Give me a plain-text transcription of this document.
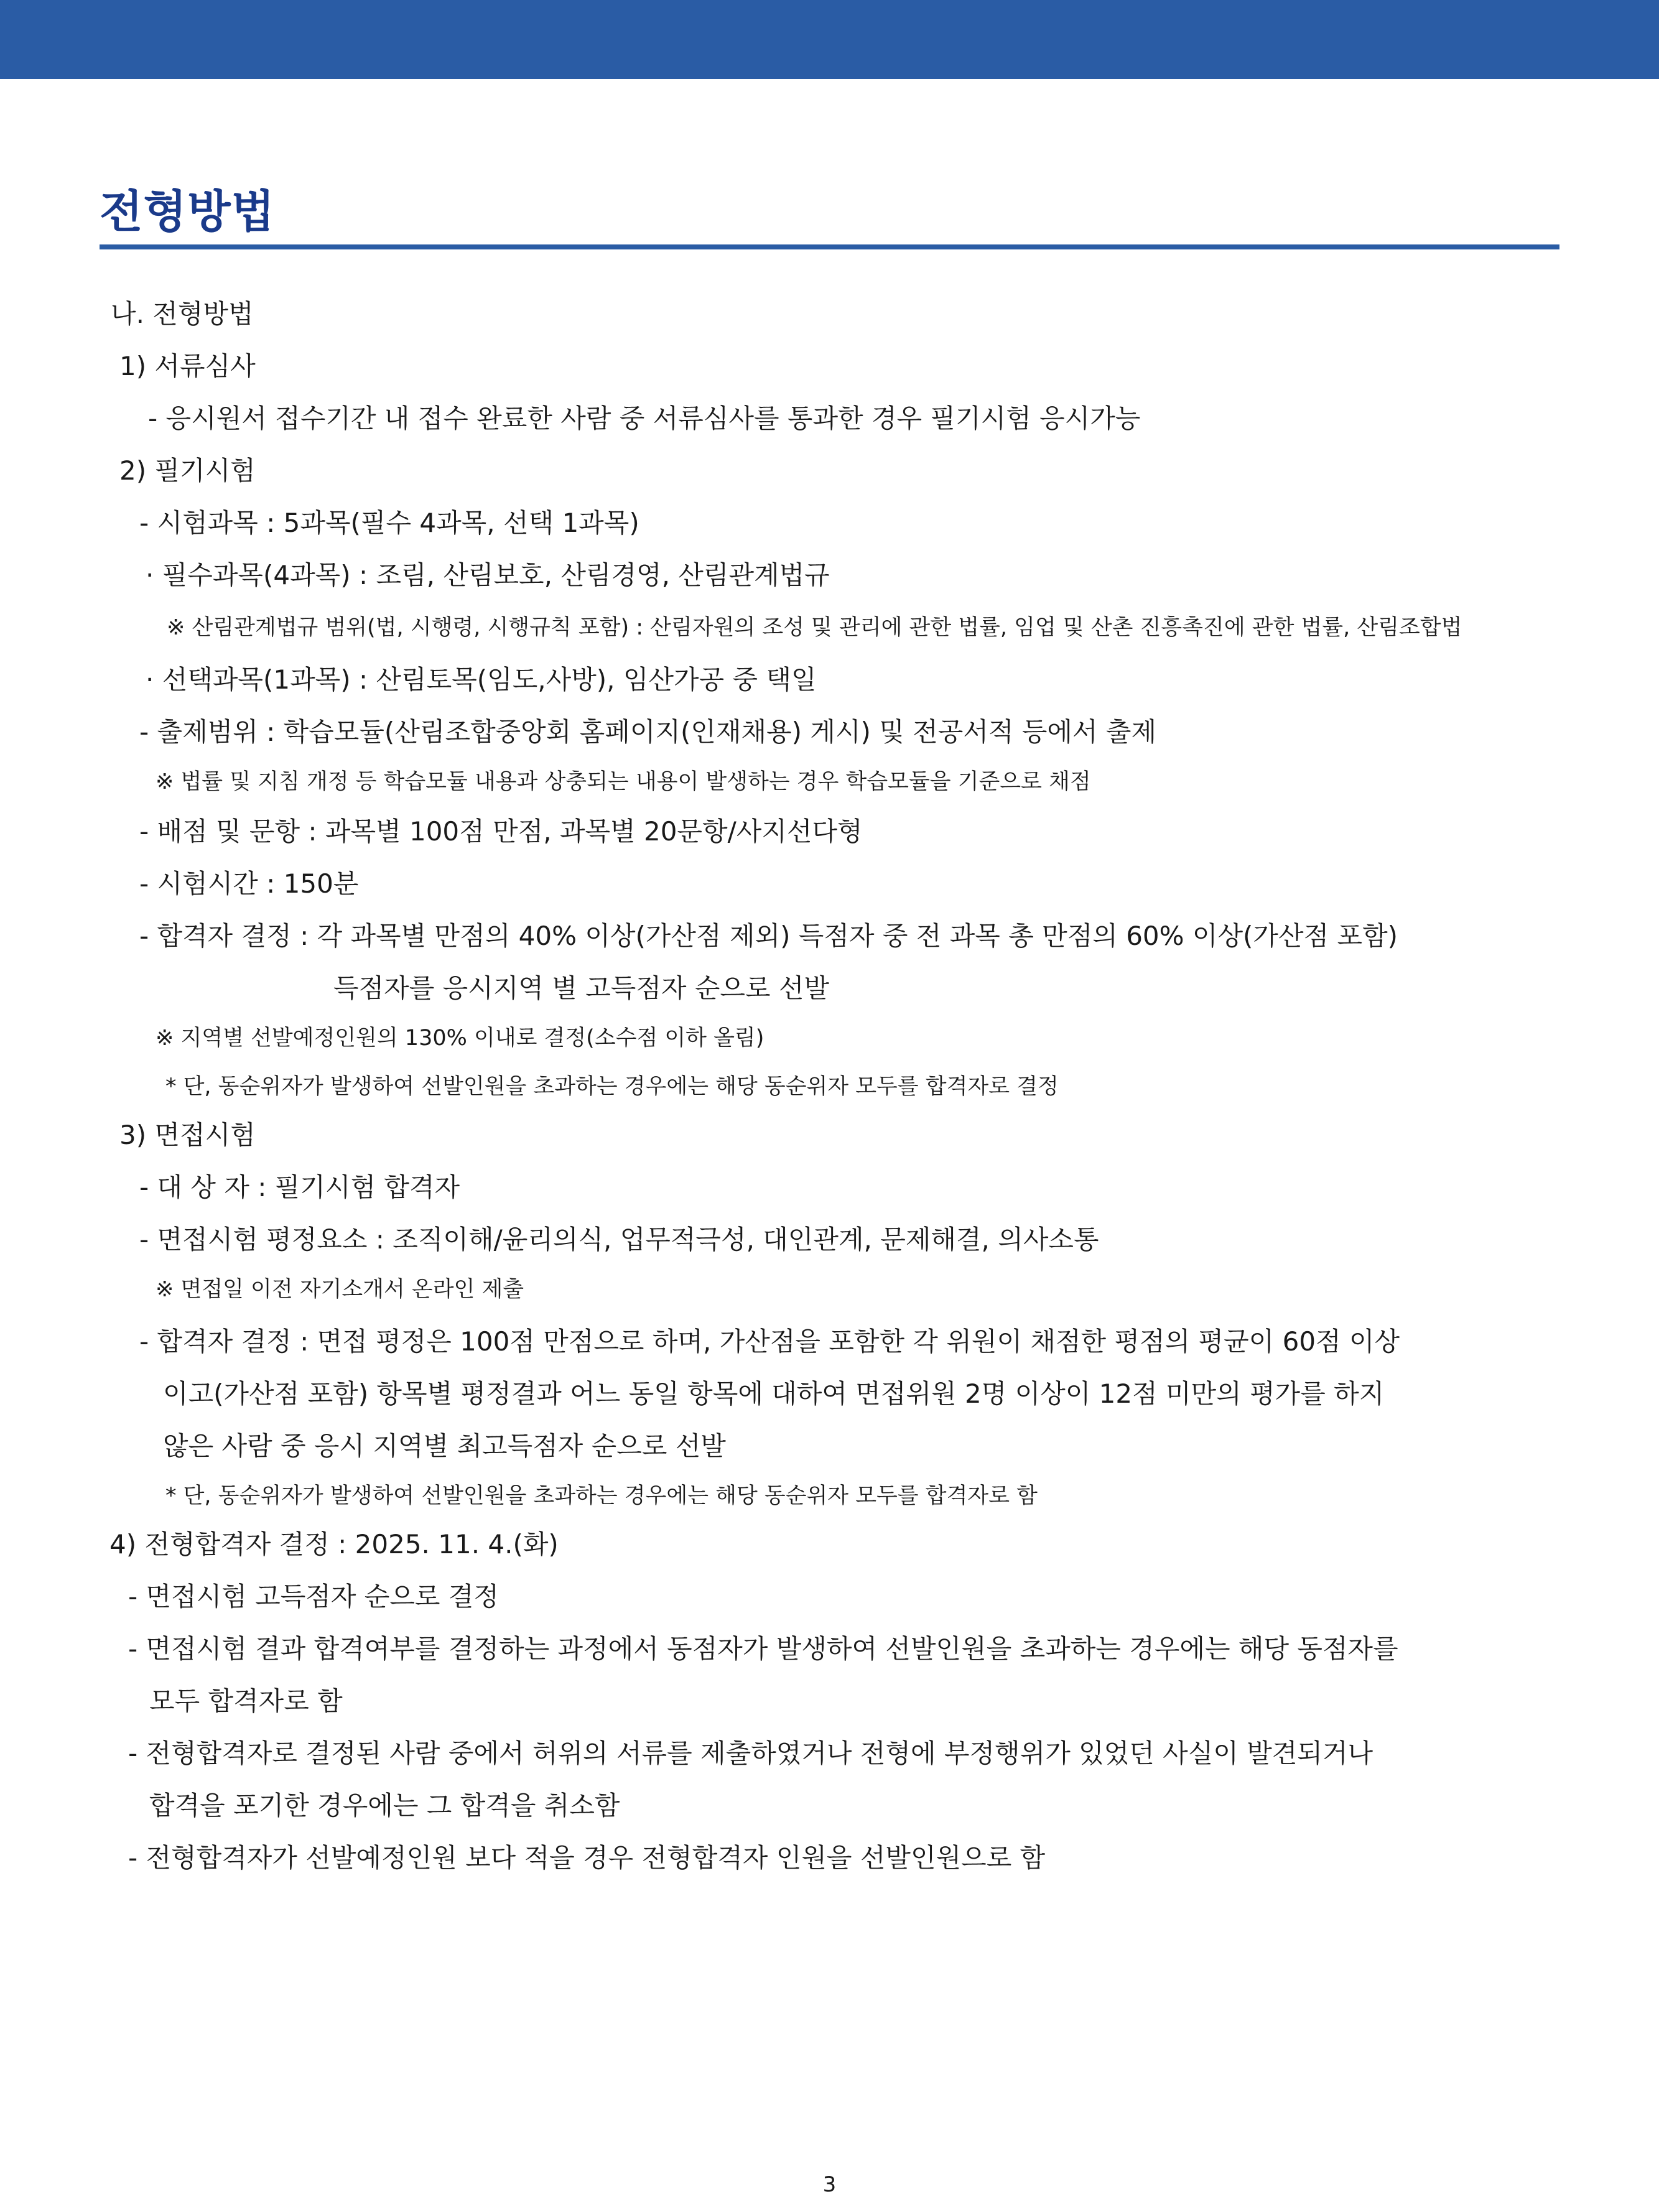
전형방법
나. 전형방법
1) 서류심사
- 응시원서 접수기간 내 접수 완료한 사람 중 서류심사를 통과한 경우 필기시험 응시가능
2) 필기시험
- 시험과목 : 5과목(필수 4과목, 선택 1과목)
· 필수과목(4과목) : 조림, 산림보호, 산림경영, 산림관계법규
※ 산림관계법규 범위(법, 시행령, 시행규칙 포함) : 산림자원의 조성 및 관리에 관한 법률, 임업 및 산촌 진흥촉진에 관한 법률, 산림조합법
· 선택과목(1과목) : 산림토목(임도,사방), 임산가공 중 택일
- 출제범위 : 학습모듈(산림조합중앙회 홈페이지(인재채용) 게시) 및 전공서적 등에서 출제
※ 법률 및 지침 개정 등 학습모듈 내용과 상충되는 내용이 발생하는 경우 학습모듈을 기준으로 채점
- 배점 및 문항 : 과목별 100점 만점, 과목별 20문항/사지선다형
- 시험시간 : 150분
- 합격자 결정 : 각 과목별 만점의 40% 이상(가산점 제외) 득점자 중 전 과목 총 만점의 60% 이상(가산점 포함)
득점자를 응시지역 별 고득점자 순으로 선발
※ 지역별 선발예정인원의 130% 이내로 결정(소수점 이하 올림)
* 단, 동순위자가 발생하여 선발인원을 초과하는 경우에는 해당 동순위자 모두를 합격자로 결정
3) 면접시험
- 대 상 자 : 필기시험 합격자
- 면접시험 평정요소 : 조직이해/윤리의식, 업무적극성, 대인관계, 문제해결, 의사소통
※ 면접일 이전 자기소개서 온라인 제출
- 합격자 결정 : 면접 평정은 100점 만점으로 하며, 가산점을 포함한 각 위원이 채점한 평점의 평균이 60점 이상
이고(가산점 포함) 항목별 평정결과 어느 동일 항목에 대하여 면접위원 2명 이상이 12점 미만의 평가를 하지
않은 사람 중 응시 지역별 최고득점자 순으로 선발
* 단, 동순위자가 발생하여 선발인원을 초과하는 경우에는 해당 동순위자 모두를 합격자로 함
4) 전형합격자 결정 : 2025. 11. 4.(화)
- 면접시험 고득점자 순으로 결정
- 면접시험 결과 합격여부를 결정하는 과정에서 동점자가 발생하여 선발인원을 초과하는 경우에는 해당 동점자를
모두 합격자로 함
- 전형합격자로 결정된 사람 중에서 허위의 서류를 제출하였거나 전형에 부정행위가 있었던 사실이 발견되거나
합격을 포기한 경우에는 그 합격을 취소함
- 전형합격자가 선발예정인원 보다 적을 경우 전형합격자 인원을 선발인원으로 함
3
